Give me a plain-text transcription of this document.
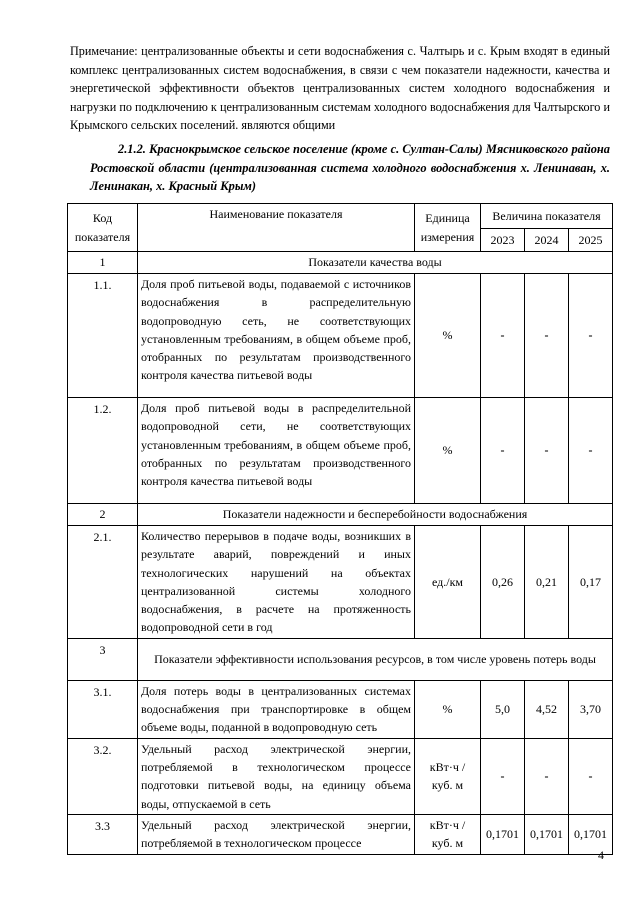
Примечание: централизованные объекты и сети водоснабжения с. Чалтырь и с. Крым входят в единый комплекс централизованных систем водоснабжения, в связи с чем показатели надежности, качества и энергетической эффективности объектов централизованных систем холодного водоснабжения и нагрузки по подключению к централизованным системам холодного водоснабжения для Чалтырского и Крымского сельских поселений. являются общими
2.1.2. Краснокрымское сельское поселение (кроме с. Султан-Салы) Мясниковского района Ростовской области (централизованная система холодного водоснабжения х. Ленинаван, х. Ленинакан, х. Красный Крым)
Код показателя	Наименование показателя	Единица измерения	Величина показателя		
			2023	2024	2025
1	Показатели качества воды				
1.1.	Доля проб питьевой воды, подаваемой с источников водоснабжения в распределительную водопроводную сеть, не соответствующих установленным требованиям, в общем объеме проб, отобранных по результатам производственного контроля качества питьевой воды	%	-	-	-
1.2.	Доля проб питьевой воды в распределительной водопроводной сети, не соответствующих установленным требованиям, в общем объеме проб, отобранных по результатам производственного контроля качества питьевой воды	%	-	-	-
2	Показатели надежности и бесперебойности водоснабжения				
2.1.	Количество перерывов в подаче воды, возникших в результате аварий, повреждений и иных технологических нарушений на объектах централизованной системы холодного водоснабжения, в расчете на протяженность водопроводной сети в год	ед./км	0,26	0,21	0,17
3	Показатели эффективности использования ресурсов, в том числе уровень потерь воды				
3.1.	Доля потерь воды в централизованных системах водоснабжения при транспортировке в общем объеме воды, поданной в водопроводную сеть	%	5,0	4,52	3,70
3.2.	Удельный расход электрической энергии, потребляемой в технологическом процессе подготовки питьевой воды, на единицу объема воды, отпускаемой в сеть	кВт·ч / куб. м	-	-	-
3.3	Удельный расход электрической энергии, потребляемой в технологическом процессе	кВт·ч / куб. м	0,1701	0,1701	0,1701
4
